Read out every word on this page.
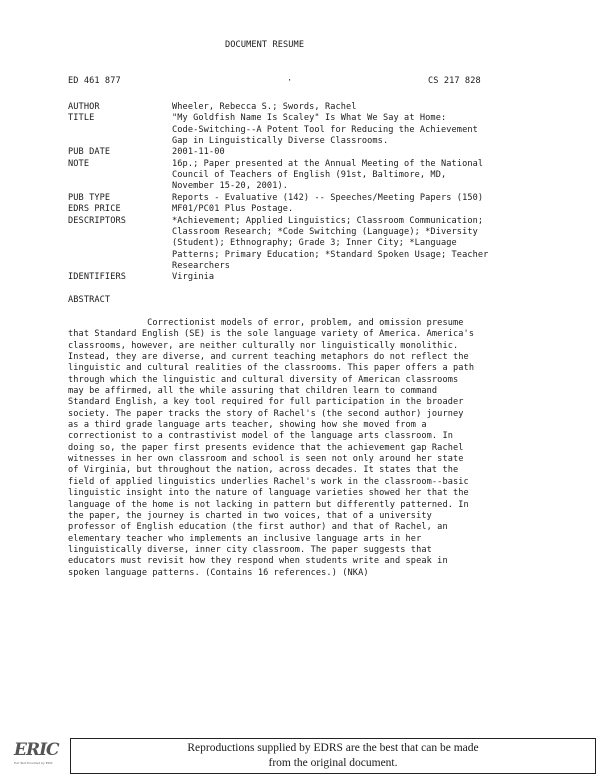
DOCUMENT RESUME
ED 461 877	·	CS 217 828
AUTHOR	Wheeler, Rebecca S.; Swords, Rachel
TITLE	"My Goldfish Name Is Scaley" Is What We Say at Home:
Code-Switching--A Potent Tool for Reducing the Achievement
Gap in Linguistically Diverse Classrooms.
PUB DATE	2001-11-00
NOTE	16p.; Paper presented at the Annual Meeting of the National
Council of Teachers of English (91st, Baltimore, MD,
November 15-20, 2001).
PUB TYPE	Reports - Evaluative (142) -- Speeches/Meeting Papers (150)
EDRS PRICE	MF01/PC01 Plus Postage.
DESCRIPTORS	*Achievement; Applied Linguistics; Classroom Communication;
Classroom Research; *Code Switching (Language); *Diversity
(Student); Ethnography; Grade 3; Inner City; *Language
Patterns; Primary Education; *Standard Spoken Usage; Teacher
Researchers
IDENTIFIERS	Virginia
ABSTRACT
Correctionist models of error, problem, and omission presume
that Standard English (SE) is the sole language variety of America. America's
classrooms, however, are neither culturally nor linguistically monolithic.
Instead, they are diverse, and current teaching metaphors do not reflect the
linguistic and cultural realities of the classrooms. This paper offers a path
through which the linguistic and cultural diversity of American classrooms
may be affirmed, all the while assuring that children learn to command
Standard English, a key tool required for full participation in the broader
society. The paper tracks the story of Rachel's (the second author) journey
as a third grade language arts teacher, showing how she moved from a
correctionist to a contrastivist model of the language arts classroom. In
doing so, the paper first presents evidence that the achievement gap Rachel
witnesses in her own classroom and school is seen not only around her state
of Virginia, but throughout the nation, across decades. It states that the
field of applied linguistics underlies Rachel's work in the classroom--basic
linguistic insight into the nature of language varieties showed her that the
language of the home is not lacking in pattern but differently patterned. In
the paper, the journey is charted in two voices, that of a university
professor of English education (the first author) and that of Rachel, an
elementary teacher who implements an inclusive language arts in her
linguistically diverse, inner city classroom. The paper suggests that
educators must revisit how they respond when students write and speak in
spoken language patterns. (Contains 16 references.) (NKA)
ERIC
Full Text Provided by ERIC
Reproductions supplied by EDRS are the best that can be made
from the original document.
